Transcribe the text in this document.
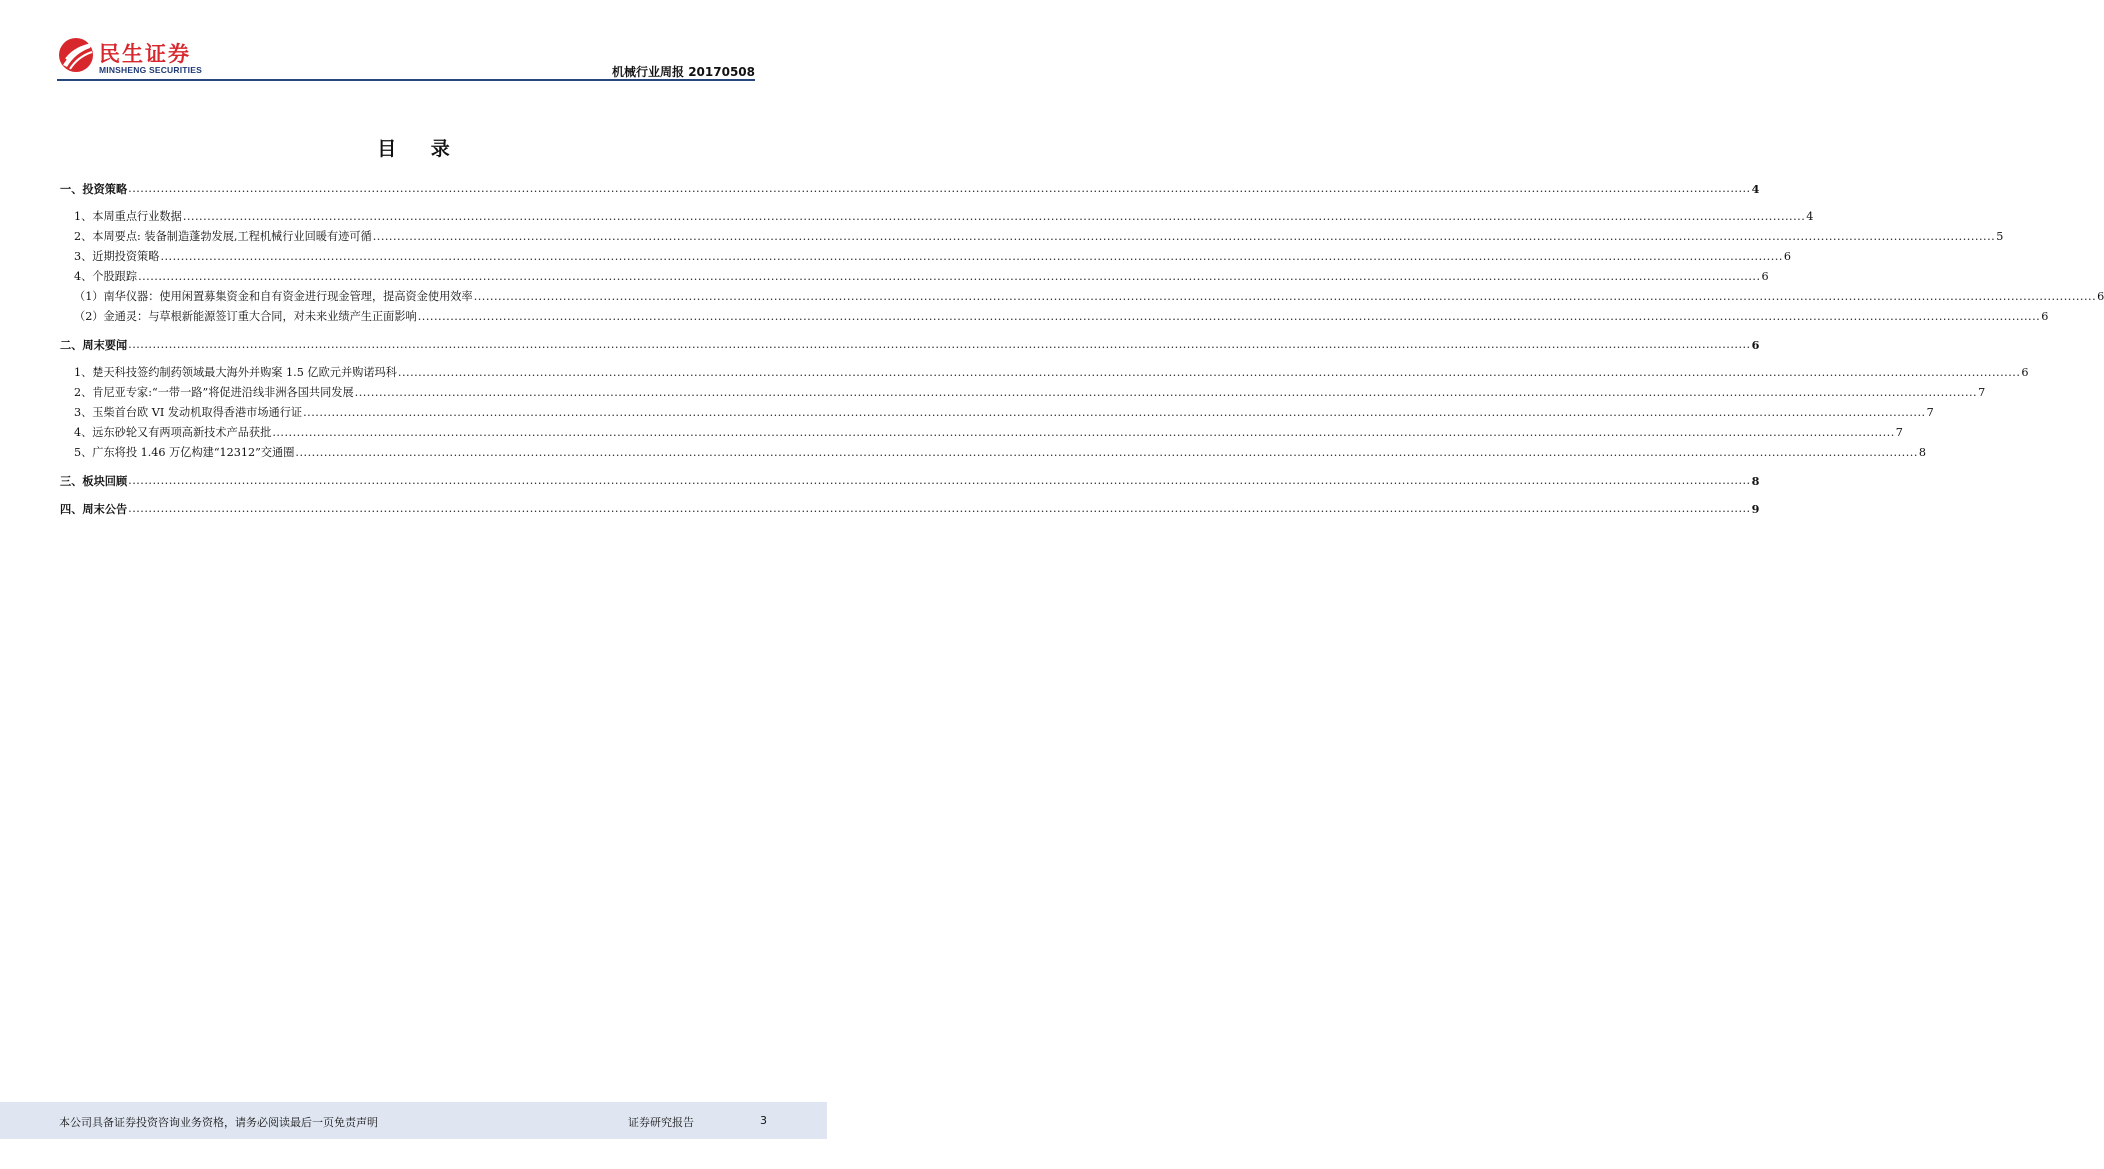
民生证券
MINSHENG SECURITIES	机械行业周报 20170508
目 录
一、投资策略 ................................................................................................................................................................................................................................................................................................................................................................................................................ 4
1、本周重点行业数据 ................................................................................................................................................................................................................................................................................................................................................................................................................ 4
2、本周要点: 装备制造蓬勃发展,工程机械行业回暖有迹可循 ................................................................................................................................................................................................................................................................................................................................................................................................................ 5
3、近期投资策略 ................................................................................................................................................................................................................................................................................................................................................................................................................ 6
4、个股跟踪 ................................................................................................................................................................................................................................................................................................................................................................................................................ 6
（1）南华仪器：使用闲置募集资金和自有资金进行现金管理，提高资金使用效率 ................................................................................................................................................................................................................................................................................................................................................................................................................ 6
（2）金通灵：与草根新能源签订重大合同，对未来业绩产生正面影响 ................................................................................................................................................................................................................................................................................................................................................................................................................ 6
二、周末要闻 ................................................................................................................................................................................................................................................................................................................................................................................................................ 6
1、楚天科技签约制药领域最大海外并购案 1.5 亿欧元并购诺玛科 ................................................................................................................................................................................................................................................................................................................................................................................................................ 6
2、肯尼亚专家:“一带一路”将促进沿线非洲各国共同发展 ................................................................................................................................................................................................................................................................................................................................................................................................................ 7
3、玉柴首台欧 VI 发动机取得香港市场通行证 ................................................................................................................................................................................................................................................................................................................................................................................................................ 7
4、远东砂轮又有两项高新技术产品获批 ................................................................................................................................................................................................................................................................................................................................................................................................................ 7
5、广东将投 1.46 万亿构建“12312”交通圈 ................................................................................................................................................................................................................................................................................................................................................................................................................ 8
三、板块回顾 ................................................................................................................................................................................................................................................................................................................................................................................................................ 8
四、周末公告 ................................................................................................................................................................................................................................................................................................................................................................................................................ 9
本公司具备证券投资咨询业务资格，请务必阅读最后一页免责声明	证券研究报告	3
